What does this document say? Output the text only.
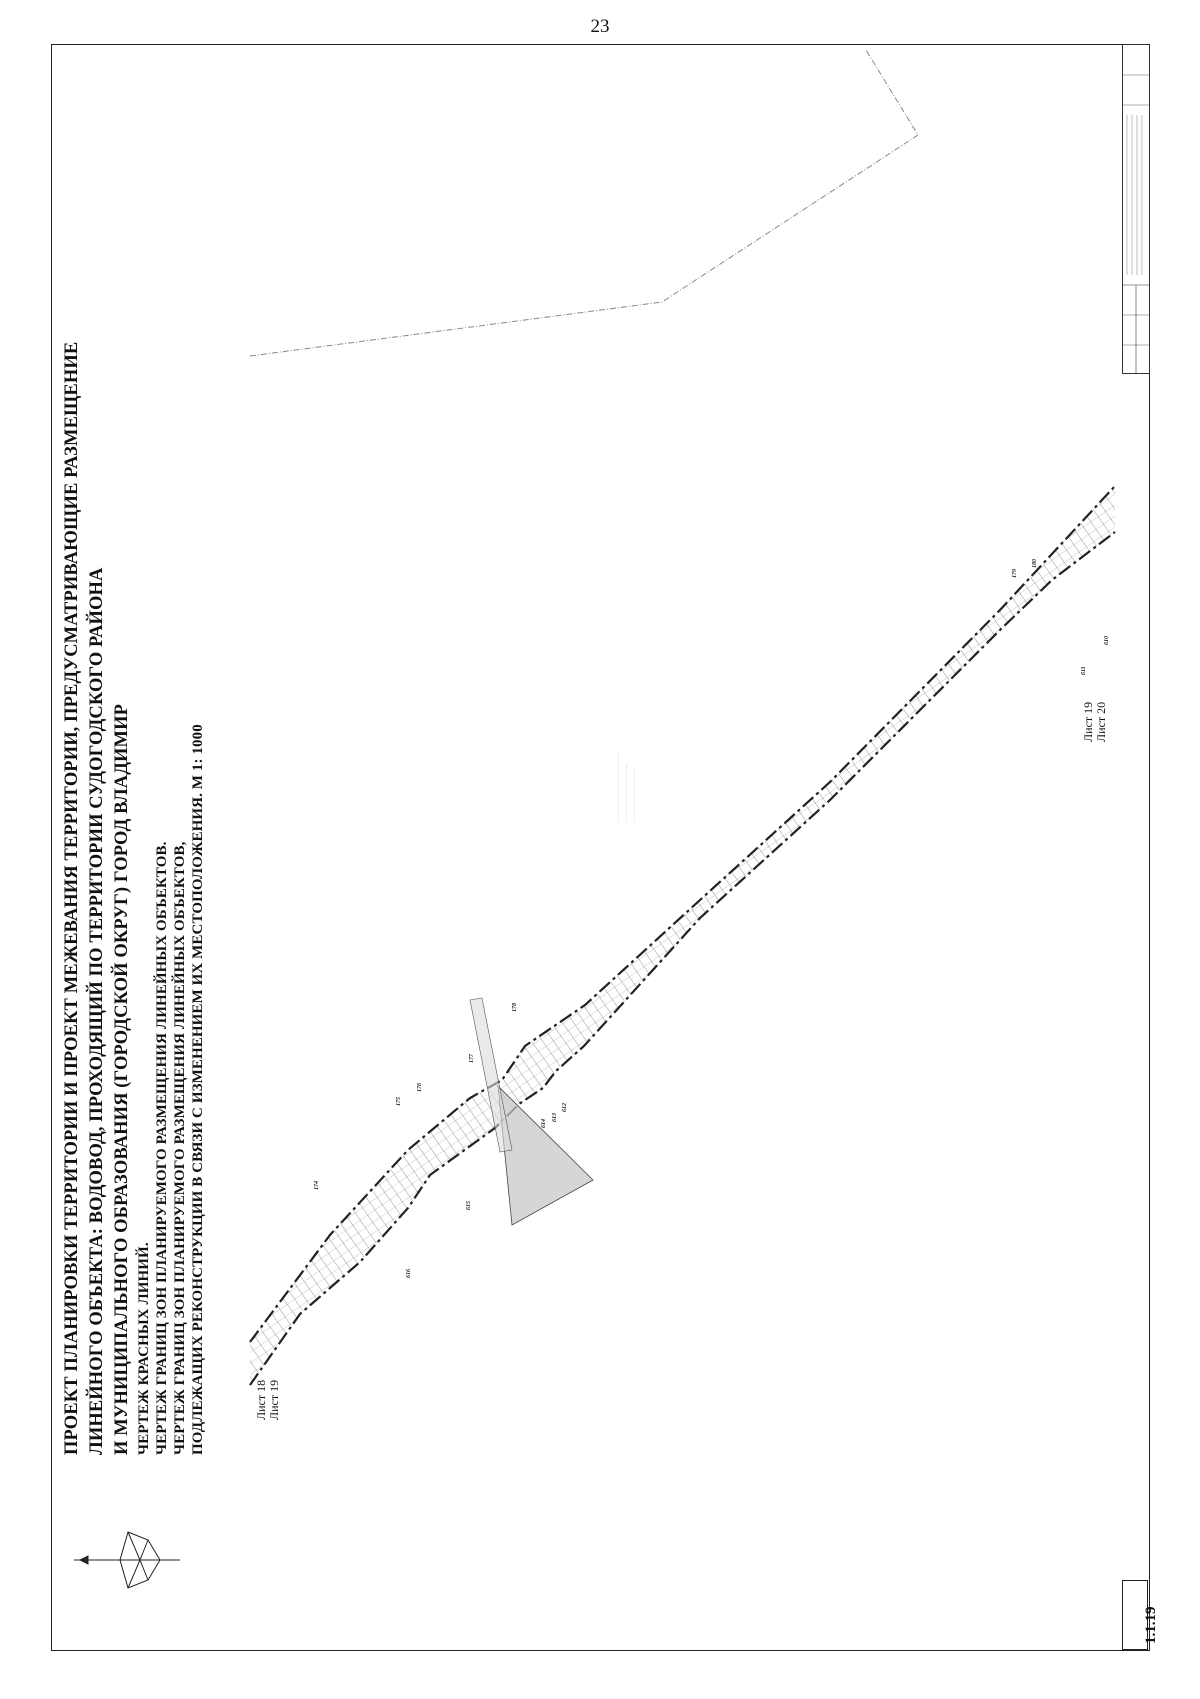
23
········································· ·································· ·······························
174
175
176
177
178
179
180
610
611
612
613
614
615
616
ПРОЕКТ ПЛАНИРОВКИ ТЕРРИТОРИИ И ПРОЕКТ МЕЖЕВАНИЯ ТЕРРИТОРИИ, ПРЕДУСМАТРИВАЮЩИЕ РАЗМЕЩЕНИЕ ЛИНЕЙНОГО ОБЪЕКТА: ВОДОВОД, ПРОХОДЯЩИЙ ПО ТЕРРИТОРИИ СУДОГОДСКОГО РАЙОНА И МУНИЦИПАЛЬНОГО ОБРАЗОВАНИЯ (ГОРОДСКОЙ ОКРУГ) ГОРОД ВЛАДИМИР ЧЕРТЕЖ КРАСНЫХ ЛИНИЙ. ЧЕРТЕЖ ГРАНИЦ ЗОН ПЛАНИРУЕМОГО РАЗМЕЩЕНИЯ ЛИНЕЙНЫХ ОБЪЕКТОВ. ЧЕРТЕЖ ГРАНИЦ ЗОН ПЛАНИРУЕМОГО РАЗМЕЩЕНИЯ ЛИНЕЙНЫХ ОБЪЕКТОВ, ПОДЛЕЖАЩИХ РЕКОНСТРУКЦИИ В СВЯЗИ С ИЗМЕНЕНИЕМ ИХ МЕСТОПОЛОЖЕНИЯ. М 1: 1000	Лист 18 Лист 19
Лист 19 Лист 20
1.1.19
